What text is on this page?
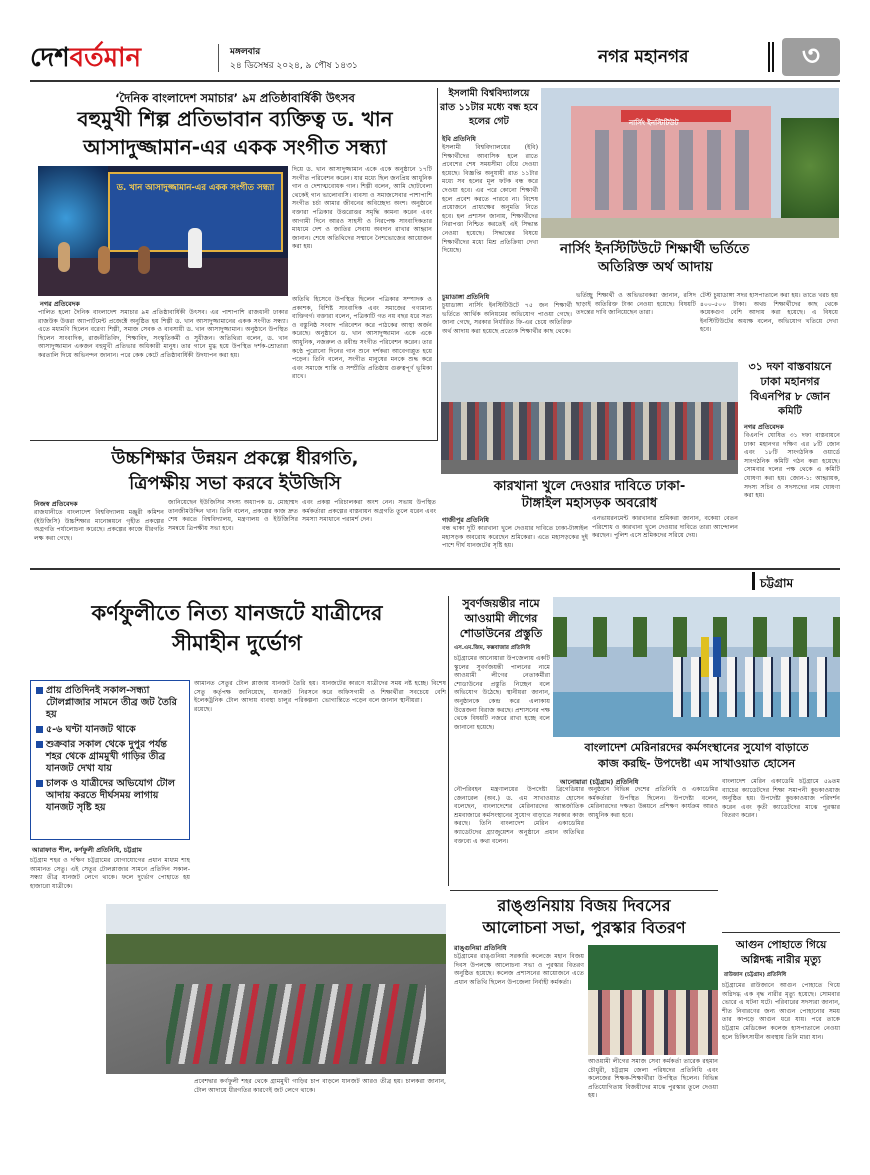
দেশবর্তমান	মঙ্গলবার
২৪ ডিসেম্বর ২০২৪, ৯ পৌষ ১৪৩১	নগর মহানগর	৩
‘দৈনিক বাংলাদেশ সমাচার’ ৯ম প্রতিষ্ঠাবার্ষিকী উৎসব
বহুমুখী শিল্প প্রতিভাবান ব্যক্তিত্ব ড. খান
আসাদুজ্জামান-এর একক সংগীত সন্ধ্যা
ড. খান আসাদুজ্জামান-এর একক সংগীত সন্ধ্যা
নগর প্রতিবেদক
পালিত হলো দৈনিক বাংলাদেশ সমাচার ৯ম প্রতিষ্ঠাবার্ষিকী উৎসব। এর পাশাপাশি রাজধানী ঢাকার রাজউক উত্তরা অ্যাপার্টমেন্ট প্রজেক্টে অনুষ্ঠিত হয় শিল্পী ড. খান আসাদুজ্জামানের একক সংগীত সন্ধ্যা। এতে মধ্যমণি ছিলেন বরেণ্য শিল্পী, সমাজ সেবক ও ব্যবসায়ী ড. খান আসাদুজ্জামান। অনুষ্ঠানে উপস্থিত ছিলেন সাংবাদিক, রাজনীতিবিদ, শিক্ষাবিদ, সংস্কৃতিকর্মী ও সুধীজন। অতিথিরা বলেন, ড. খান আসাদুজ্জামান একজন বহুমুখী প্রতিভার অধিকারী মানুষ। তার গানে মুগ্ধ হয়ে উপস্থিত দর্শক-শ্রোতারা করতালি দিয়ে অভিনন্দন জানান। পরে কেক কেটে প্রতিষ্ঠাবার্ষিকী উদযাপন করা হয়।
অতিথি হিসেবে উপস্থিত ছিলেন পত্রিকার সম্পাদক ও প্রকাশক, বিশিষ্ট সাংবাদিক এবং সমাজের গণ্যমান্য ব্যক্তিবর্গ। বক্তারা বলেন, পত্রিকাটি গত নয় বছর ধরে সত্য ও বস্তুনিষ্ঠ সংবাদ পরিবেশন করে পাঠকের আস্থা অর্জন করেছে। অনুষ্ঠানে ড. খান আসাদুজ্জামান একে একে আধুনিক, নজরুল ও রবীন্দ্র সংগীত পরিবেশন করেন। তার কণ্ঠে পুরোনো দিনের গান শুনে দর্শকরা আবেগাপ্লুত হয়ে পড়েন। তিনি বলেন, সংগীত মানুষের মনকে শুদ্ধ করে এবং সমাজে শান্তি ও সম্প্রীতি প্রতিষ্ঠায় গুরুত্বপূর্ণ ভূমিকা রাখে।
দিয়ে ড. খান আসাদুজ্জামান একে একে অনুষ্ঠানে ১৭টি সংগীত পরিবেশন করেন। যার মধ্যে ছিল জনপ্রিয় আধুনিক গান ও দেশাত্মবোধক গান। শিল্পী বলেন, আমি ছোটবেলা থেকেই গান ভালোবাসি। ব্যবসা ও সমাজসেবার পাশাপাশি সংগীত চর্চা আমার জীবনের অবিচ্ছেদ্য অংশ। অনুষ্ঠানে বক্তারা পত্রিকার উত্তরোত্তর সমৃদ্ধি কামনা করেন এবং আগামী দিনে আরও সাহসী ও নিরপেক্ষ সাংবাদিকতার মাধ্যমে দেশ ও জাতির সেবায় অবদান রাখার আহ্বান জানান। শেষে অতিথিদের সম্মানে নৈশভোজের আয়োজন করা হয়।
ইসলামী বিশ্ববিদ্যালয়ে
রাত ১১টার মধ্যে বন্ধ হবে
হলের গেট
ইবি প্রতিনিধি
ইসলামী বিশ্ববিদ্যালয়ের (ইবি) শিক্ষার্থীদের আবাসিক হলে রাতে প্রবেশের শেষ সময়সীমা বেঁধে দেওয়া হয়েছে। বিজ্ঞপ্তি অনুযায়ী রাত ১১টার মধ্যে সব হলের মূল ফটক বন্ধ করে দেওয়া হবে। এর পরে কোনো শিক্ষার্থী হলে প্রবেশ করতে পারবে না। বিশেষ প্রয়োজনে প্রাধ্যক্ষের অনুমতি নিতে হবে। হল প্রশাসন জানায়, শিক্ষার্থীদের নিরাপত্তা নিশ্চিত করতেই এই সিদ্ধান্ত নেওয়া হয়েছে। সিদ্ধান্তের বিষয়ে শিক্ষার্থীদের মধ্যে মিশ্র প্রতিক্রিয়া দেখা দিয়েছে।
নার্সিং ইনস্টিটিউট
নার্সিং ইনস্টিটিউটে শিক্ষার্থী ভর্তিতে
অতিরিক্ত অর্থ আদায়
চুয়াডাঙ্গা প্রতিনিধি
চুয়াডাঙ্গা নার্সিং ইনস্টিটিউটে ৭৫ জন শিক্ষার্থী ভর্তিতে আর্থিক অনিয়মের অভিযোগ পাওয়া গেছে। জানা গেছে, সরকার নির্ধারিত ফি-এর চেয়ে অতিরিক্ত অর্থ আদায় করা হয়েছে প্রত্যেক শিক্ষার্থীর কাছ থেকে।
ভর্তিচ্ছু শিক্ষার্থী ও অভিভাবকরা জানান, রসিদ ছাড়াই অতিরিক্ত টাকা নেওয়া হয়েছে। বিষয়টি তদন্তের দাবি জানিয়েছেন তারা।
টেস্ট চুয়াডাঙ্গা সদর হাসপাতালে করা হয়। তাতে খরচ হয় ৪০০-৫০০ টাকা। অথচ শিক্ষার্থীদের কাছ থেকে কয়েকগুণ বেশি আদায় করা হয়েছে। এ বিষয়ে ইনস্টিটিউটের অধ্যক্ষ বলেন, অভিযোগ খতিয়ে দেখা হবে।
৩১ দফা বাস্তবায়নে
ঢাকা মহানগর
বিএনপির ৮ জোন
কমিটি
নগর প্রতিবেদক
বিএনপি ঘোষিত ৩১ দফা বাস্তবায়নে ঢাকা মহানগর দক্ষিণ এর ৮টি জোন এবং ১৮টি সাংগঠনিক ওয়ার্ডে সাংগঠনিক কমিটি গঠন করা হয়েছে। সোমবার দলের পক্ষ থেকে এ কমিটি ঘোষণা করা হয়। জোন-১: আহ্বায়ক, সদস্য সচিব ও সদস্যদের নাম ঘোষণা করা হয়।
কারখানা খুলে দেওয়ার দাবিতে ঢাকা-
টাঙ্গাইল মহাসড়ক অবরোধ
গাজীপুর প্রতিনিধি
বন্ধ থাকা দুটি কারখানা খুলে দেওয়ার দাবিতে ঢাকা-টাঙ্গাইল মহাসড়ক অবরোধ করেছেন শ্রমিকেরা। এতে মহাসড়কের দুই পাশে দীর্ঘ যানজটের সৃষ্টি হয়।
এনভায়রনমেন্ট কারখানার শ্রমিকরা জানান, বকেয়া বেতন পরিশোধ ও কারখানা খুলে দেওয়ার দাবিতে তারা আন্দোলন করছেন। পুলিশ এসে শ্রমিকদের সরিয়ে দেয়।
উচ্চশিক্ষার উন্নয়ন প্রকল্পে ধীরগতি,
ত্রিপক্ষীয় সভা করবে ইউজিসি
নিজস্ব প্রতিবেদক
রাজধানীতে বাংলাদেশ বিশ্ববিদ্যালয় মঞ্জুরী কমিশন (ইউজিসি) উচ্চশিক্ষার মানোন্নয়নে গৃহীত প্রকল্পের অগ্রগতি পর্যালোচনা করেছে। প্রকল্পের কাজে ধীরগতি লক্ষ করা গেছে।
জানিয়েছেন ইউজিসির সদস্য অধ্যাপক ড. মোহাম্মদ তানজীমউদ্দিন খান। তিনি বলেন, প্রকল্পের কাজ দ্রুত শেষ করতে বিশ্ববিদ্যালয়, মন্ত্রণালয় ও ইউজিসির সমন্বয়ে ত্রিপক্ষীয় সভা হবে।
এবং প্রকল্প পরিচালকরা অংশ নেন। সভায় উপস্থিত কর্মকর্তারা প্রকল্পের বাস্তবায়ন অগ্রগতি তুলে ধরেন এবং সমস্যা সমাধানে পরামর্শ দেন।
চট্টগ্রাম
কর্ণফুলীতে নিত্য যানজটে যাত্রীদের
সীমাহীন দুর্ভোগ
প্রায় প্রতিদিনই সকাল-সন্ধ্যা টোলপ্লাজার সামনে তীব্র জট তৈরি হয়
৫-৬ ঘণ্টা যানজট থাকে
শুক্রবার সকাল থেকে দুপুর পর্যন্ত শহর থেকে গ্রামমুখী গাড়ির তীব্র যানজট দেখা যায়
চালক ও যাত্রীদের অভিযোগ টোল আদায় করতে দীর্ঘসময় লাগায় যানজট সৃষ্টি হয়
আরাফাত শীল, কর্ণফুলী প্রতিনিধি, চট্টগ্রাম
চট্টগ্রাম শহর ও দক্ষিণ চট্টগ্রামের যোগাযোগের প্রধান মাধ্যম শাহ আমানত সেতু। এই সেতুর টোলপ্লাজার সামনে প্রতিদিন সকাল-সন্ধ্যা তীব্র যানজট লেগে থাকে। ফলে দুর্ভোগ পোহাতে হয় হাজারো যাত্রীকে।
আমানত সেতুর টোল প্লাজায় যানজট তৈরি হয়। সেতু কর্তৃপক্ষ জানিয়েছে, যানজট নিরসনে ইলেকট্রনিক টোল আদায় ব্যবস্থা চালুর পরিকল্পনা রয়েছে।
যানজটের কারণে যাত্রীদের সময় নষ্ট হচ্ছে। বিশেষ করে অফিসগামী ও শিক্ষার্থীরা সবচেয়ে বেশি ভোগান্তিতে পড়েন বলে জানান স্থানীয়রা।
প্রবেশদ্বার কর্ণফুলী শহর থেকে গ্রামমুখী গাড়ির চাপ বাড়লে যানজট আরও তীব্র হয়। চালকরা জানান, টোল আদায়ে ধীরগতির কারণেই জট লেগে থাকে।
সুবর্ণজয়ন্তীর নামে
আওয়ামী লীগের
শোডাউনের প্রস্তুতি
এস.এম.জিম, কক্সবাজার প্রতিনিধি
চট্টগ্রামের আনোয়ারা উপজেলায় একটি স্কুলের সুবর্ণজয়ন্তী পালনের নামে আওয়ামী লীগের নেতাকর্মীরা শোডাউনের প্রস্তুতি নিচ্ছেন বলে অভিযোগ উঠেছে। স্থানীয়রা জানান, অনুষ্ঠানকে কেন্দ্র করে এলাকায় উত্তেজনা বিরাজ করছে। প্রশাসনের পক্ষ থেকে বিষয়টি নজরে রাখা হচ্ছে বলে জানানো হয়েছে।
বাংলাদেশ মেরিনারদের কর্মসংস্থানের সুযোগ বাড়াতে
কাজ করছি- উপদেষ্টা এম সাখাওয়াত হোসেন
আনোয়ারা (চট্টগ্রাম) প্রতিনিধি
নৌপরিবহন মন্ত্রণালয়ের উপদেষ্টা ব্রিগেডিয়ার জেনারেল (অব.) ড. এম সাখাওয়াত হোসেন বলেছেন, বাংলাদেশের মেরিনারদের আন্তর্জাতিক শ্রমবাজারে কর্মসংস্থানের সুযোগ বাড়াতে সরকার কাজ করছে। তিনি বাংলাদেশ মেরিন একাডেমির ক্যাডেটদের গ্র্যাজুয়েশন অনুষ্ঠানে প্রধান অতিথির বক্তব্যে এ কথা বলেন।
অনুষ্ঠানে বিভিন্ন দেশের প্রতিনিধি ও একাডেমির কর্মকর্তারা উপস্থিত ছিলেন। উপদেষ্টা বলেন, মেরিনারদের দক্ষতা উন্নয়নে প্রশিক্ষণ কার্যক্রম আরও আধুনিক করা হবে।
বাংলাদেশ মেরিন একাডেমি চট্টগ্রামে ৫৯তম ব্যাচের ক্যাডেটদের শিক্ষা সমাপনী কুচকাওয়াজ অনুষ্ঠিত হয়। উপদেষ্টা কুচকাওয়াজ পরিদর্শন করেন এবং কৃতী ক্যাডেটদের মাঝে পুরস্কার বিতরণ করেন।
আগুন পোহাতে গিয়ে
অগ্নিদগ্ধ নারীর মৃত্যু
রাউজান (চট্টগ্রাম) প্রতিনিধি
চট্টগ্রামের রাউজানে আগুন পোহাতে গিয়ে অগ্নিদগ্ধ এক বৃদ্ধ নারীর মৃত্যু হয়েছে। সোমবার ভোরে এ ঘটনা ঘটে। পরিবারের সদস্যরা জানান, শীত নিবারণের জন্য আগুন পোহানোর সময় তার কাপড়ে আগুন ধরে যায়। পরে তাকে চট্টগ্রাম মেডিকেল কলেজ হাসপাতালে নেওয়া হলে চিকিৎসাধীন অবস্থায় তিনি মারা যান।
রাঙ্গুনিয়ায় বিজয় দিবসের
আলোচনা সভা, পুরস্কার বিতরণ
রাঙ্গুনিয়া প্রতিনিধি
চট্টগ্রামের রাঙ্গুনিয়া সরকারি কলেজে মহান বিজয় দিবস উপলক্ষে আলোচনা সভা ও পুরস্কার বিতরণ অনুষ্ঠিত হয়েছে। কলেজ প্রশাসনের আয়োজনে এতে প্রধান অতিথি ছিলেন উপজেলা নির্বাহী কর্মকর্তা।
আওয়ামী লীগের সমাজ সেবা কর্মকর্তা তারেক রহমান চৌধুরী, চট্টগ্রাম জেলা পরিষদের প্রতিনিধি এবং কলেজের শিক্ষক-শিক্ষার্থীরা উপস্থিত ছিলেন। বিভিন্ন প্রতিযোগিতায় বিজয়ীদের মাঝে পুরস্কার তুলে দেওয়া হয়।
